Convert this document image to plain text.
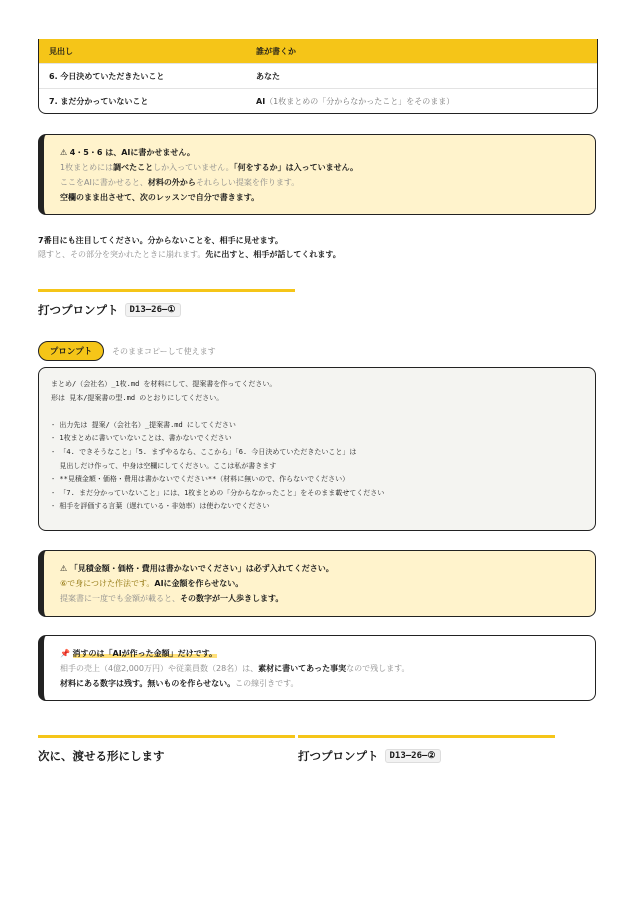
見出し	誰が書くか
6. 今日決めていただきたいこと	あなた
7. まだ分かっていないこと	AI（1枚まとめの「分からなかったこと」をそのまま）
⚠ 4・5・6 は、AIに書かせません。
1枚まとめには調べたことしか入っていません。「何をするか」は入っていません。
ここをAIに書かせると、材料の外からそれらしい提案を作ります。
空欄のまま出させて、次のレッスンで自分で書きます。
7番目にも注目してください。分からないことを、相手に見せます。
隠すと、その部分を突かれたときに崩れます。先に出すと、相手が話してくれます。
打つプロンプト	D13–26–①
プロンプト	そのままコピーして使えます
まとめ/（会社名）_1枚.md を材料にして、提案書を作ってください。
形は 見本/提案書の型.md のとおりにしてください。
- 出力先は 提案/（会社名）_提案書.md にしてください
- 1枚まとめに書いていないことは、書かないでください
- 「4. できそうなこと」「5. まずやるなら、ここから」「6. 今日決めていただきたいこと」は
見出しだけ作って、中身は空欄にしてください。ここは私が書きます
- **見積金額・価格・費用は書かないでください**（材料に無いので、作らないでください）
- 「7. まだ分かっていないこと」には、1枚まとめの「分からなかったこと」をそのまま載せてください
- 相手を評価する言葉（遅れている・非効率）は使わないでください
⚠ 「見積金額・価格・費用は書かないでください」は必ず入れてください。
⑥で身につけた作法です。AIに金額を作らせない。
提案書に一度でも金額が載ると、その数字が一人歩きします。
📌 消すのは「AIが作った金額」だけです。
相手の売上（4億2,000万円）や従業員数（28名）は、素材に書いてあった事実なので残します。
材料にある数字は残す。無いものを作らせない。この線引きです。
次に、渡せる形にします	打つプロンプト	D13–26–②
